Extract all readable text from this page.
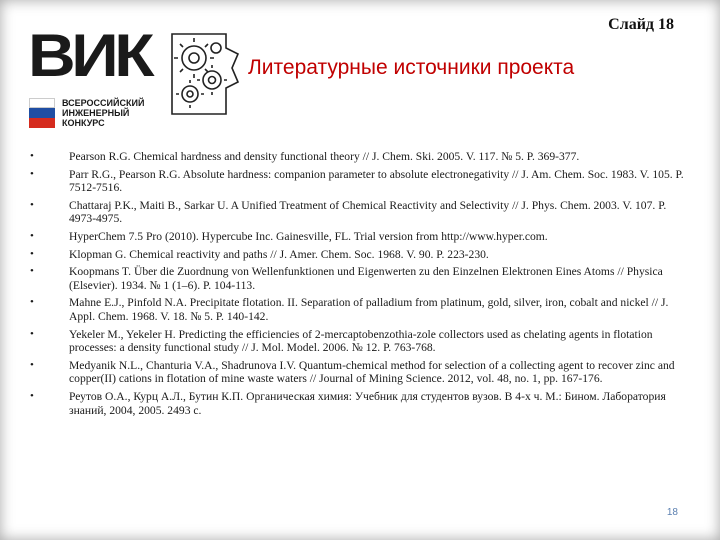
Слайд 18
ВИК
ВСЕРОССИЙСКИЙ
ИНЖЕНЕРНЫЙ
КОНКУРС
Литературные источники проекта
• Pearson R.G. Chemical hardness and density functional theory // J. Chem. Ski. 2005. V. 117. № 5. P. 369-377.
• Parr R.G., Pearson R.G. Absolute hardness: companion parameter to absolute electronegativity // J. Am. Chem. Soc. 1983. V. 105. P. 7512-7516.
• Chattaraj P.K., Maiti B., Sarkar U. A Unified Treatment of Chemical Reactivity and Selectivity // J. Phys. Chem. 2003. V. 107. P. 4973-4975.
• HyperChem 7.5 Pro (2010). Hypercube Inc. Gainesville, FL. Trial version from http://www.hyper.com.
• Klopman G. Chemical reactivity and paths // J. Amer. Chem. Soc. 1968. V. 90. P. 223-230.
• Koopmans T. Über die Zuordnung von Wellenfunktionen und Eigenwerten zu den Einzelnen Elektronen Eines Atoms // Physica (Elsevier). 1934. № 1 (1–6). P. 104-113.
• Mahne E.J., Pinfold N.A. Precipitate flotation. II. Separation of palladium from platinum, gold, silver, iron, cobalt and nickel // J. Appl. Chem. 1968. V. 18. № 5. P. 140-142.
• Yekeler M., Yekeler H. Predicting the efficiencies of 2-mercaptobenzothia-zole collectors used as chelating agents in flotation processes: a density functional study // J. Mol. Model. 2006. № 12. P. 763-768.
• Medyanik N.L., Chanturia V.A., Shadrunova I.V. Quantum-chemical method for selection of a collecting agent to recover zinc and copper(II) cations in flotation of mine waste waters // Journal of Mining Science. 2012, vol. 48, no. 1, pp. 167-176.
• Реутов О.А., Курц А.Л., Бутин К.П. Органическая химия: Учебник для студентов вузов. В 4-х ч. М.: Бином. Лаборатория знаний, 2004, 2005. 2493 с.
18
